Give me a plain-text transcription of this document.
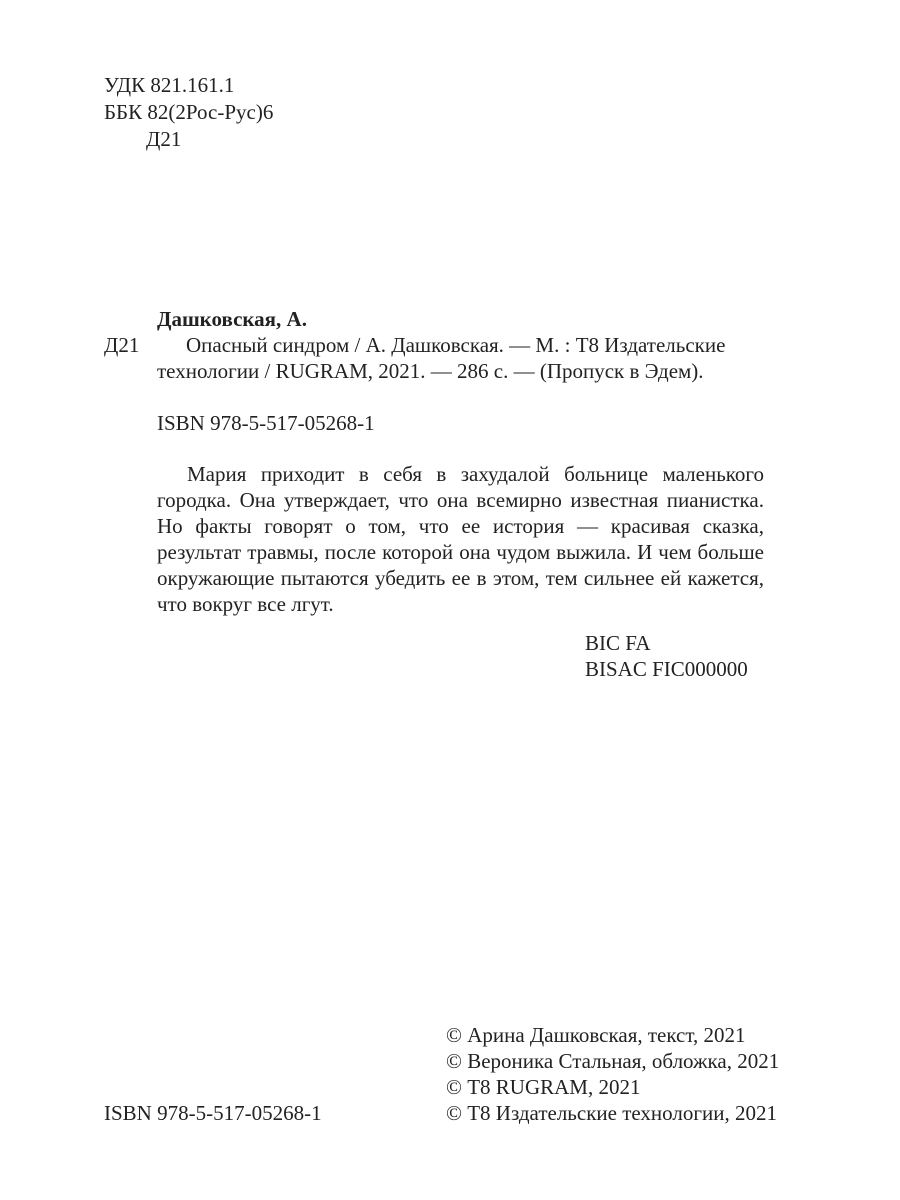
УДК 821.161.1
ББК 82(2Рос-Рус)6
Д21
Дашковская, А.
Д21 Опасный синдром / А. Дашковская. — М. : Т8 Издательские
технологии / RUGRAM, 2021. — 286 с. — (Пропуск в Эдем).
ISBN 978-5-517-05268-1
Мария приходит в себя в захудалой больнице маленького городка. Она утверждает, что она всемирно известная пианистка. Но факты говорят о том, что ее история — красивая сказка, результат травмы, после которой она чудом выжила. И чем больше окружающие пытаются убедить ее в этом, тем сильнее ей кажется, что вокруг все лгут.
BIC FA
BISAC FIC000000
ISBN 978-5-517-05268-1
© Арина Дашковская, текст, 2021
© Вероника Стальная, обложка, 2021
© Т8 RUGRAM, 2021
© Т8 Издательские технологии, 2021
